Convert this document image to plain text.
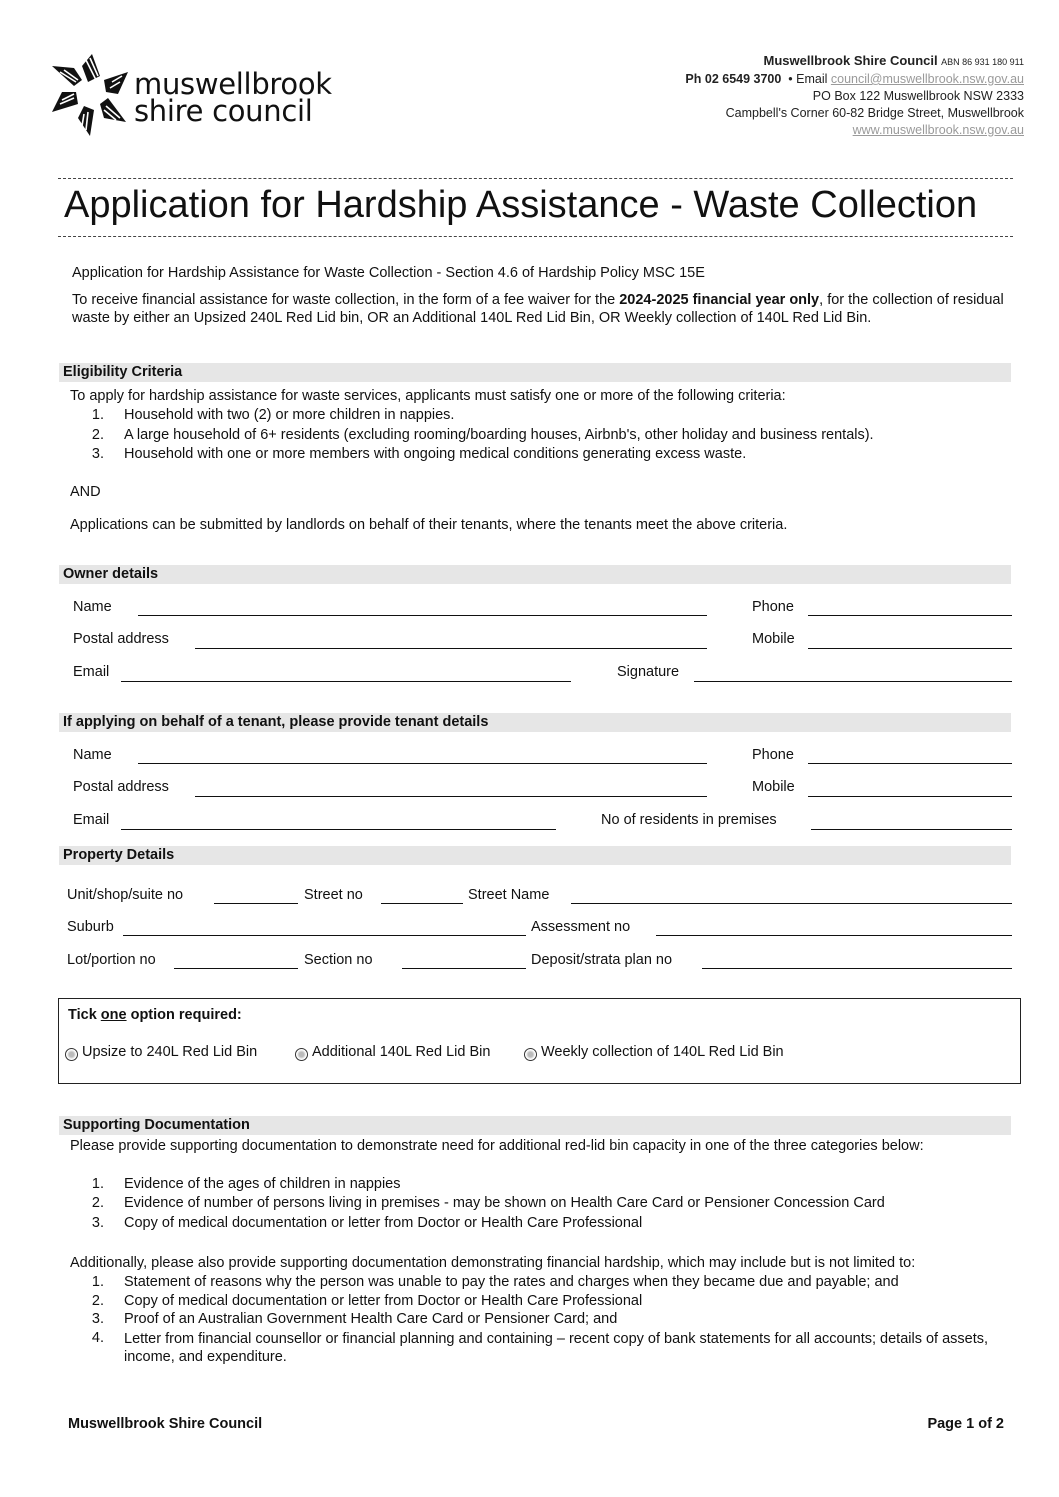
muswellbrook
shire council
Muswellbrook Shire Council ABN 86 931 180 911
Ph 02 6549 3700 • Email council@muswellbrook.nsw.gov.au
PO Box 122 Muswellbrook NSW 2333
Campbell's Corner 60-82 Bridge Street, Muswellbrook
www.muswellbrook.nsw.gov.au
Application for Hardship Assistance - Waste Collection
Application for Hardship Assistance for Waste Collection - Section 4.6 of Hardship Policy MSC 15E
To receive financial assistance for waste collection, in the form of a fee waiver for the 2024-2025 financial year only, for the collection of residual waste by either an Upsized 240L Red Lid bin, OR an Additional 140L Red Lid Bin, OR Weekly collection of 140L Red Lid Bin.
Eligibility Criteria
To apply for hardship assistance for waste services, applicants must satisfy one or more of the following criteria:
1. Household with two (2) or more children in nappies.
2. A large household of 6+ residents (excluding rooming/boarding houses, Airbnb's, other holiday and business rentals).
3. Household with one or more members with ongoing medical conditions generating excess waste.
AND
Applications can be submitted by landlords on behalf of their tenants, where the tenants meet the above criteria.
Owner details
Name	Phone
Postal address	Mobile
Email	Signature
If applying on behalf of a tenant, please provide tenant details
Name	Phone
Postal address	Mobile
Email	No of residents in premises
Property Details
Unit/shop/suite no	Street no	Street Name
Suburb	Assessment no
Lot/portion no	Section no	Deposit/strata plan no
Tick one option required:
Upsize to 240L Red Lid Bin	Additional 140L Red Lid Bin	Weekly collection of 140L Red Lid Bin
Supporting Documentation
Please provide supporting documentation to demonstrate need for additional red-lid bin capacity in one of the three categories below:
1. Evidence of the ages of children in nappies
2. Evidence of number of persons living in premises - may be shown on Health Care Card or Pensioner Concession Card
3. Copy of medical documentation or letter from Doctor or Health Care Professional
Additionally, please also provide supporting documentation demonstrating financial hardship, which may include but is not limited to:
1. Statement of reasons why the person was unable to pay the rates and charges when they became due and payable; and
2. Copy of medical documentation or letter from Doctor or Health Care Professional
3. Proof of an Australian Government Health Care Card or Pensioner Card; and
4. Letter from financial counsellor or financial planning and containing – recent copy of bank statements for all accounts; details of assets, income, and expenditure.
Muswellbrook Shire Council	Page 1 of 2
